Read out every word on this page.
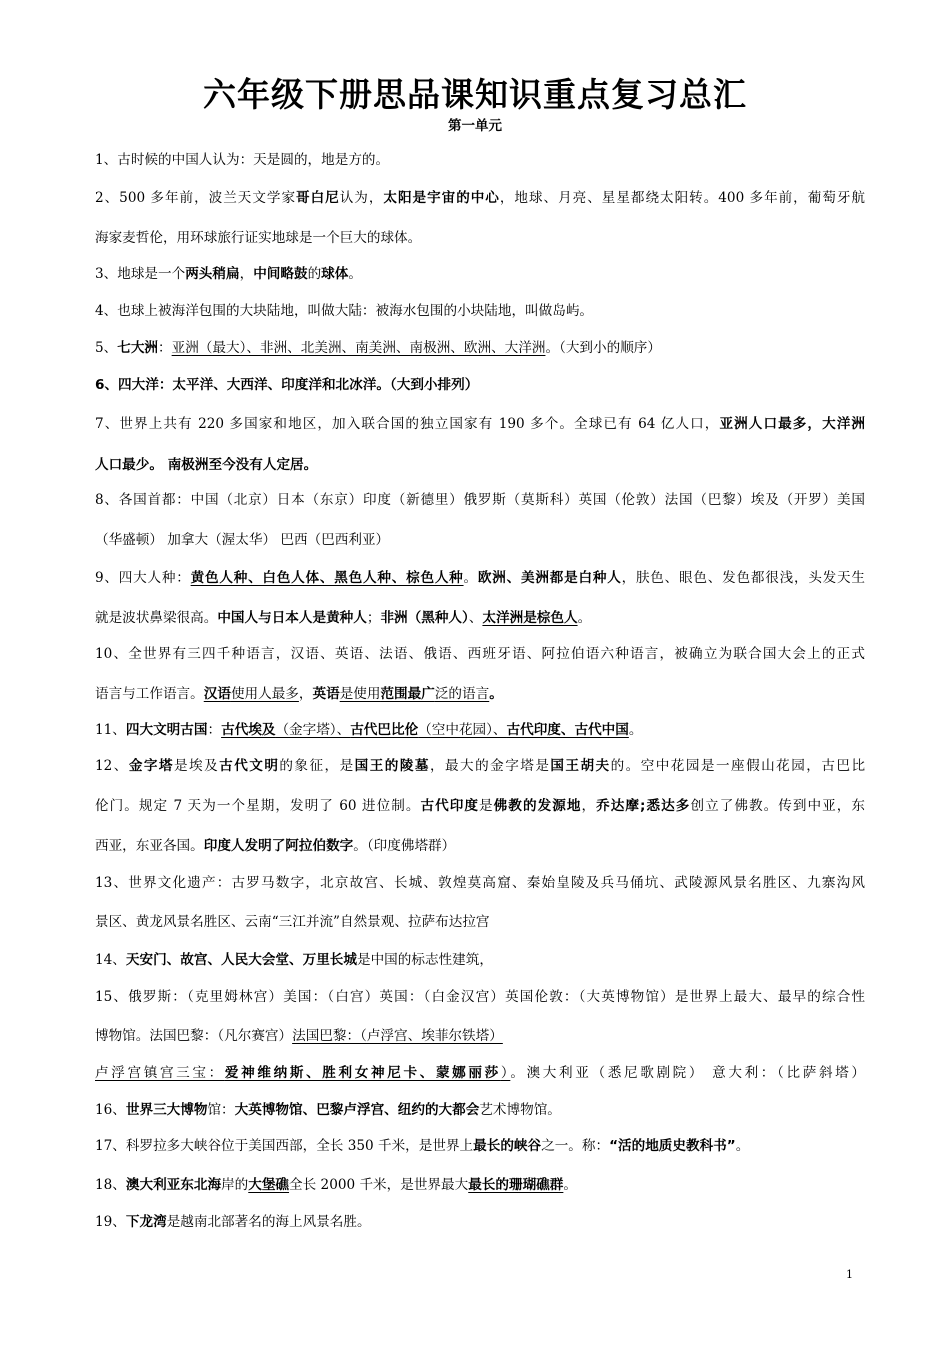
六年级下册思品课知识重点复习总汇
第一单元
1、古时候的中国人认为：天是圆的，地是方的。
2、500 多年前，波兰天文学家哥白尼认为，太阳是宇宙的中心，地球、月亮、星星都绕太阳转。400 多年前，葡萄牙航
海家麦哲伦，用环球旅行证实地球是一个巨大的球体。
3、地球是一个两头稍扁，中间略鼓的球体。
4、也球上被海洋包围的大块陆地，叫做大陆：被海水包围的小块陆地，叫做岛屿。
5、七大洲：亚洲（最大）、非洲、北美洲、南美洲、南极洲、欧洲、大洋洲。（大到小的顺序）
6、四大洋：太平洋、大西洋、印度洋和北冰洋。（大到小排列）
7、世界上共有 220 多国家和地区，加入联合国的独立国家有 190 多个。全球已有 64 亿人口，亚洲人口最多，大洋洲
人口最少。 南极洲至今没有人定居。
8、各国首都：中国（北京）日本（东京）印度（新德里）俄罗斯（莫斯科）英国（伦敦）法国（巴黎）埃及（开罗）美国
（华盛顿） 加拿大（渥太华） 巴西（巴西利亚）
9、四大人种：黄色人种、白色人体、黑色人种、棕色人种。欧洲、美洲都是白种人，肤色、眼色、发色都很浅，头发天生
就是波状鼻梁很高。中国人与日本人是黄种人；非洲（黑种人）、太洋洲是棕色人。
10、全世界有三四千种语言，汉语、英语、法语、俄语、西班牙语、阿拉伯语六种语言，被确立为联合国大会上的正式
语言与工作语言。汉语使用人最多，英语是使用范围最广泛的语言。
11、四大文明古国：古代埃及（金字塔）、古代巴比伦（空中花园）、古代印度、古代中国。
12、金字塔是埃及古代文明的象征，是国王的陵墓，最大的金字塔是国王胡夫的。空中花园是一座假山花园，古巴比
伦门。规定 7 天为一个星期，发明了 60 进位制。古代印度是佛教的发源地，乔达摩;悉达多创立了佛教。传到中亚，东
西亚，东亚各国。印度人发明了阿拉伯数字。（印度佛塔群）
13、世界文化遗产：古罗马数字，北京故宫、长城、敦煌莫高窟、秦始皇陵及兵马俑坑、武陵源风景名胜区、九寨沟风
景区、黄龙风景名胜区、云南“三江并流”自然景观、拉萨布达拉宫
14、天安门、故宫、人民大会堂、万里长城是中国的标志性建筑，
15、俄罗斯：（克里姆林宫）美国：（白宫）英国：（白金汉宫）英国伦敦：（大英博物馆）是世界上最大、最早的综合性
博物馆。法国巴黎：（凡尔赛宫）法国巴黎：（卢浮宫、埃菲尔铁塔）
卢浮宫镇宫三宝：爱神维纳斯、胜利女神尼卡、蒙娜丽莎）。澳大利亚（悉尼歌剧院） 意大利：（比萨斜塔）
16、世界三大博物馆：大英博物馆、巴黎卢浮宫、纽约的大都会艺术博物馆。
17、科罗拉多大峡谷位于美国西部，全长 350 千米，是世界上最长的峡谷之一。称：“活的地质史教科书”。
18、澳大利亚东北海岸的大堡礁全长 2000 千米，是世界最大最长的珊瑚礁群。
19、下龙湾是越南北部著名的海上风景名胜。
1
